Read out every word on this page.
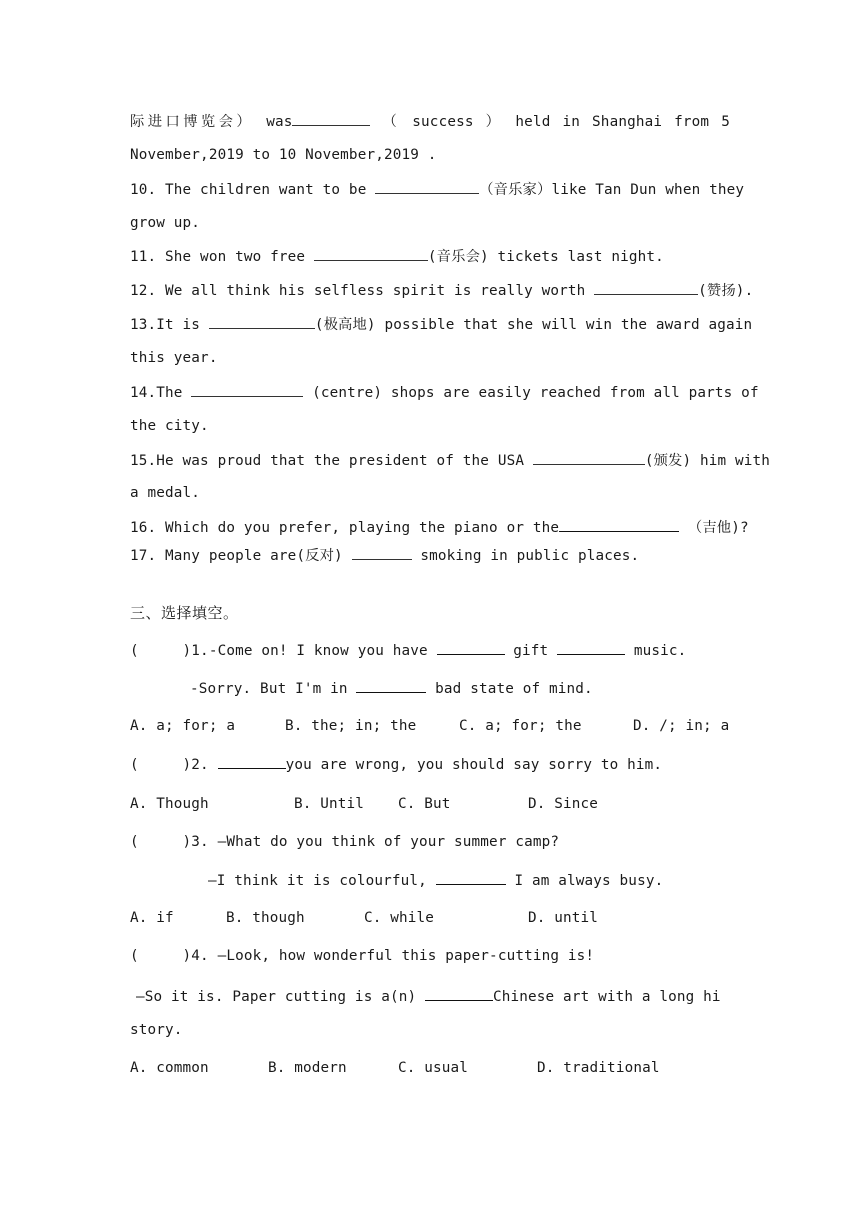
际进口博览会） was	（ success ） held in Shanghai from 5
November,2019 to 10 November,2019 .
10. The children want to be	（音乐家）like Tan Dun when they
grow up.
11. She won two free	(音乐会) tickets last night.
12. We all think his selfless spirit is really worth	(赞扬).
13.It is	(极高地) possible that she will win the award again
this year.
14.The	(centre) shops are easily reached from all parts of
the city.
15.He was proud that the president of the USA	(颁发) him with
a medal.
16. Which do you prefer, playing the piano or the	（吉他)?
17. Many people are(反对)	smoking in public places.
三、选择填空。
(     )1.-Come on! I know you have	gift	music.
-Sorry. But I'm in	bad state of mind.
A. a; for; a	B. the; in; the	C. a; for; the	D. /; in; a
(     )2.	you are wrong, you should say sorry to him.
A. Though	B. Until C. But	D. Since
(     )3. —What do you think of your summer camp?
—I think it is colourful,	I am always busy.
A. if	B. though	C. while	D. until
(     )4. —Look, how wonderful this paper-cutting is!
—So it is. Paper cutting is a(n)	Chinese art with a long hi
story.
A. common	B. modern	C. usual	D. traditional
